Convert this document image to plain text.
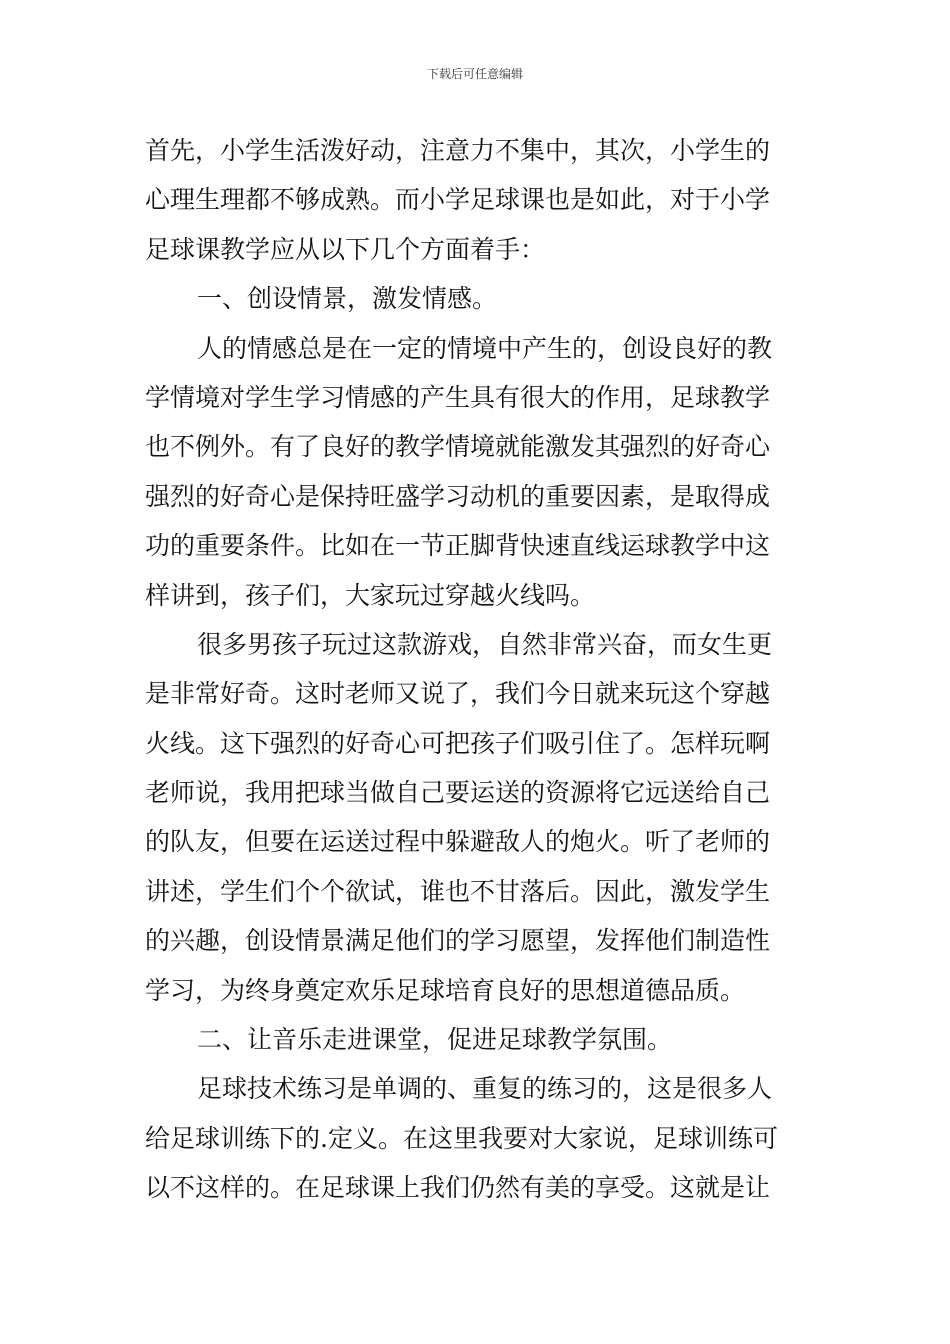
下载后可任意编辑
首先，小学生活泼好动，注意力不集中，其次，小学生的
心理生理都不够成熟。而小学足球课也是如此，对于小学
足球课教学应从以下几个方面着手：
一、创设情景，激发情感。
人的情感总是在一定的情境中产生的，创设良好的教
学情境对学生学习情感的产生具有很大的作用，足球教学
也不例外。有了良好的教学情境就能激发其强烈的好奇心
强烈的好奇心是保持旺盛学习动机的重要因素，是取得成
功的重要条件。比如在一节正脚背快速直线运球教学中这
样讲到，孩子们，大家玩过穿越火线吗。
很多男孩子玩过这款游戏，自然非常兴奋，而女生更
是非常好奇。这时老师又说了，我们今日就来玩这个穿越
火线。这下强烈的好奇心可把孩子们吸引住了。怎样玩啊
老师说，我用把球当做自己要运送的资源将它远送给自己
的队友，但要在运送过程中躲避敌人的炮火。听了老师的
讲述，学生们个个欲试，谁也不甘落后。因此，激发学生
的兴趣，创设情景满足他们的学习愿望，发挥他们制造性
学习，为终身奠定欢乐足球培育良好的思想道德品质。
二、让音乐走进课堂，促进足球教学氛围。
足球技术练习是单调的、重复的练习的，这是很多人
给足球训练下的.定义。在这里我要对大家说，足球训练可
以不这样的。在足球课上我们仍然有美的享受。这就是让
